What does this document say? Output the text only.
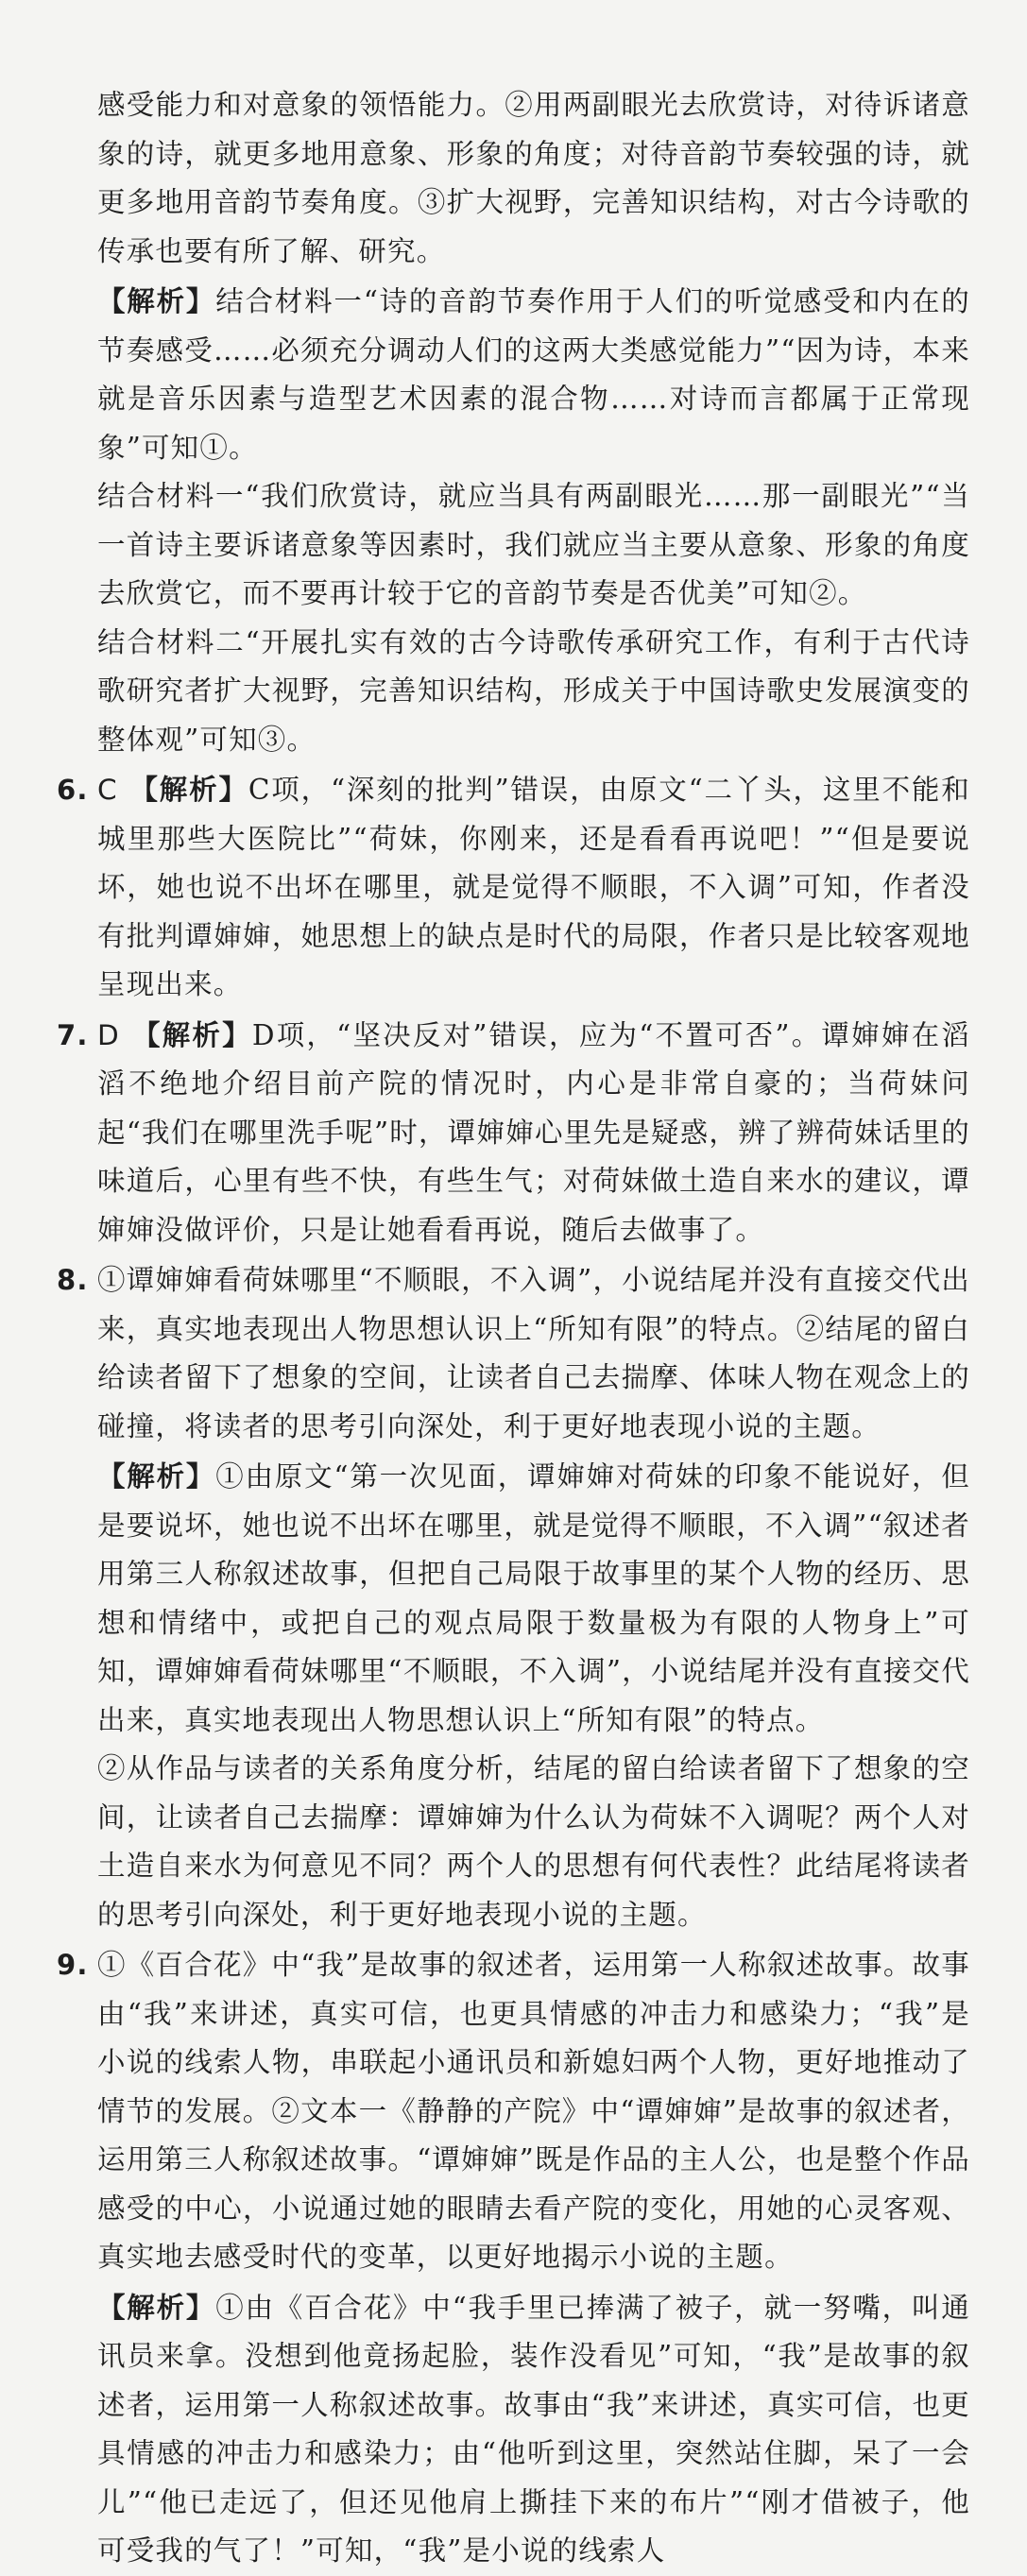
感受能力和对意象的领悟能力。②用两副眼光去欣赏诗，对待诉诸意象的诗，就更多地用意象、形象的角度；对待音韵节奏较强的诗，就更多地用音韵节奏角度。③扩大视野，完善知识结构，对古今诗歌的传承也要有所了解、研究。

【解析】结合材料一“诗的音韵节奏作用于人们的听觉感受和内在的节奏感受……必须充分调动人们的这两大类感觉能力”“因为诗，本来就是音乐因素与造型艺术因素的混合物……对诗而言都属于正常现象”可知①。

结合材料一“我们欣赏诗，就应当具有两副眼光……那一副眼光”“当一首诗主要诉诸意象等因素时，我们就应当主要从意象、形象的角度去欣赏它，而不要再计较于它的音韵节奏是否优美”可知②。

结合材料二“开展扎实有效的古今诗歌传承研究工作，有利于古代诗歌研究者扩大视野，完善知识结构，形成关于中国诗歌史发展演变的整体观”可知③。

6. C 【解析】C项，“深刻的批判”错误，由原文“二丫头，这里不能和城里那些大医院比”“荷妹，你刚来，还是看看再说吧！”“但是要说坏，她也说不出坏在哪里，就是觉得不顺眼，不入调”可知，作者没有批判谭婶婶，她思想上的缺点是时代的局限，作者只是比较客观地呈现出来。
7. D 【解析】D项，“坚决反对”错误，应为“不置可否”。谭婶婶在滔滔不绝地介绍目前产院的情况时，内心是非常自豪的；当荷妹问起“我们在哪里洗手呢”时，谭婶婶心里先是疑惑，辨了辨荷妹话里的味道后，心里有些不快，有些生气；对荷妹做土造自来水的建议，谭婶婶没做评价，只是让她看看再说，随后去做事了。
8. ①谭婶婶看荷妹哪里“不顺眼，不入调”，小说结尾并没有直接交代出来，真实地表现出人物思想认识上“所知有限”的特点。②结尾的留白给读者留下了想象的空间，让读者自己去揣摩、体味人物在观念上的碰撞，将读者的思考引向深处，利于更好地表现小说的主题。

【解析】①由原文“第一次见面，谭婶婶对荷妹的印象不能说好，但是要说坏，她也说不出坏在哪里，就是觉得不顺眼，不入调”“叙述者用第三人称叙述故事，但把自己局限于故事里的某个人物的经历、思想和情绪中，或把自己的观点局限于数量极为有限的人物身上”可知，谭婶婶看荷妹哪里“不顺眼，不入调”，小说结尾并没有直接交代出来，真实地表现出人物思想认识上“所知有限”的特点。

②从作品与读者的关系角度分析，结尾的留白给读者留下了想象的空间，让读者自己去揣摩：谭婶婶为什么认为荷妹不入调呢？两个人对土造自来水为何意见不同？两个人的思想有何代表性？此结尾将读者的思考引向深处，利于更好地表现小说的主题。

9. ①《百合花》中“我”是故事的叙述者，运用第一人称叙述故事。故事由“我”来讲述，真实可信，也更具情感的冲击力和感染力；“我”是小说的线索人物，串联起小通讯员和新媳妇两个人物，更好地推动了情节的发展。②文本一《静静的产院》中“谭婶婶”是故事的叙述者，运用第三人称叙述故事。“谭婶婶”既是作品的主人公，也是整个作品感受的中心，小说通过她的眼睛去看产院的变化，用她的心灵客观、真实地去感受时代的变革，以更好地揭示小说的主题。

【解析】①由《百合花》中“我手里已捧满了被子，就一努嘴，叫通讯员来拿。没想到他竟扬起脸，装作没看见”可知，“我”是故事的叙述者，运用第一人称叙述故事。故事由“我”来讲述，真实可信，也更具情感的冲击力和感染力；由“他听到这里，突然站住脚，呆了一会儿”“他已走远了，但还见他肩上撕挂下来的布片”“刚才借被子，他可受我的气了！”可知，“我”是小说的线索人
